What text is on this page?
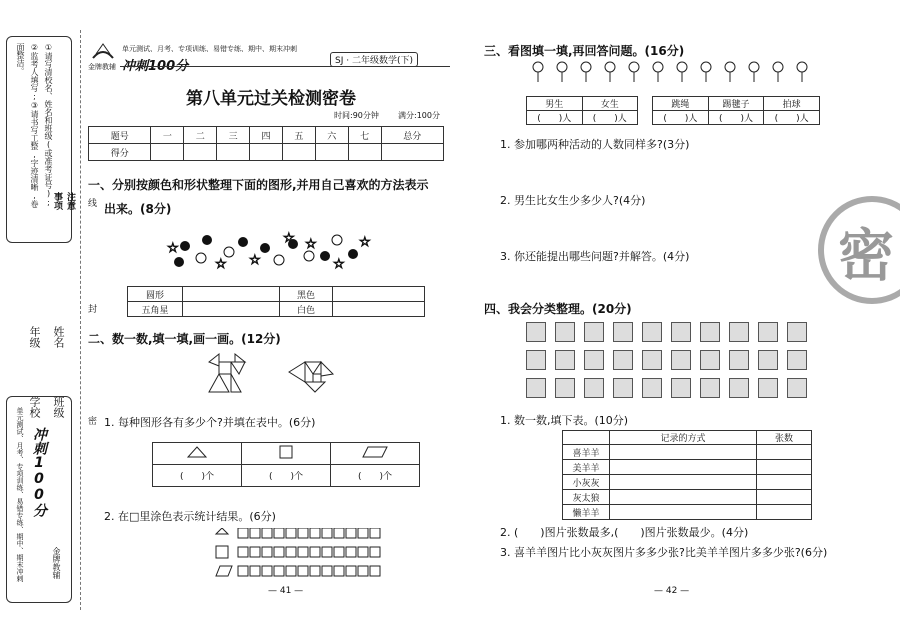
注意事项
①请写清校名、姓名和班级(或准考证号); ②监考人填写;③请书写工整,字迹清晰,卷面整洁。
学校
年级
班级
姓名
冲刺100分
单元测试、月考、专项训练、易错专练、期中、期末冲刺	金牌教辅
线
封
密
金牌教辅
单元测试、月考、专项训练、易错专练、期中、期末冲刺
冲刺100分	SJ · 二年级数学(下)
第八单元过关检测密卷
时间:90分钟 满分:100分
题号	一	二	三	四	五	六	七	总分
得分								
一、分别按颜色和形状整理下面的图形,并用自己喜欢的方法表示
出来。(8分)
☆
☆ ☆
☆ ☆
☆
☆
圆形		黑色	
五角星		白色	
二、数一数,填一填,画一画。(12分)
1. 每种图形各有多少个?并填在表中。(6分)

(　　)个	(　　)个	(　　)个
2. 在□里涂色表示统计结果。(6分)
— 41 —
三、看图填一填,再回答问题。(16分)
男生	女生
(　　)人	(　　)人
跳绳	踢毽子	拍球
(　　)人	(　　)人	(　　)人
1. 参加哪两种活动的人数同样多?(3分)
2. 男生比女生少多少人?(4分)
3. 你还能提出哪些问题?并解答。(4分)	密
四、我会分类整理。(20分)
1. 数一数,填下表。(10分)
	记录的方式	张数
喜羊羊		
美羊羊		
小灰灰		
灰太狼		
懒羊羊		
2. (　　)图片张数最多,(　　)图片张数最少。(4分)
3. 喜羊羊图片比小灰灰图片多多少张?比美羊羊图片多多少张?(6分)
— 42 —
